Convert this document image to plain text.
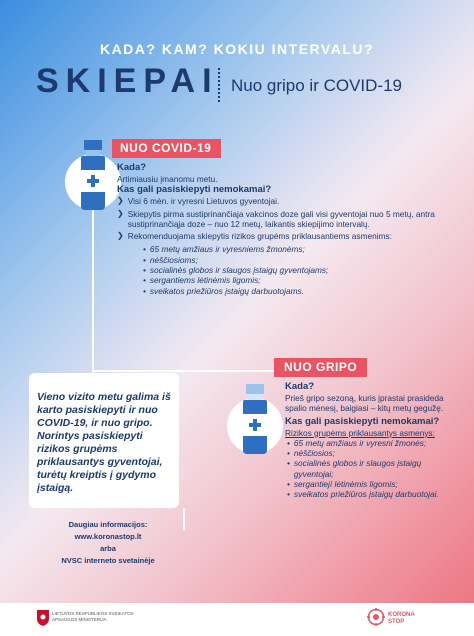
KADA? KAM? KOKIU INTERVALU?
SKIEPAI Nuo gripo ir COVID-19
NUO COVID-19
Kada?
Artimiausiu įmanomu metu.
Kas gali pasiskiepyti nemokamai?
❯ Visi 6 mėn. ir vyresni Lietuvos gyventojai.
❯ Skiepytis pirma sustiprinančiaja vakcinos doze gali visi gyventojai nuo 5 metų, antra sustiprinančiąja doze – nuo 12 metų, laikantis skiepijimo intervalų.
❯ Rekomenduojama skiepytis rizikos grupėms priklausantiems asmenims:
• 65 metų amžiaus ir vyresniems žmonėms;
• nėščiosioms;
• socialinės globos ir slaugos įstaigų gyventojams;
• sergantiems lėtinėmis ligomis;
• sveikatos priežiūros įstaigų darbuotojams.
Vieno vizito metu galima iš karto pasiskiepyti ir nuo COVID-19, ir nuo gripo. Norintys pasiskiepyti rizikos grupėms priklausantys gyventojai, turėtų kreiptis į gydymo įstaigą.
NUO GRIPO
Kada?
Prieš gripo sezoną, kuris įprastai prasideda spalio mėnesį, baigiasi – kitų metų gegužę.
Kas gali pasiskiepyti nemokamai?
Rizikos grupėms priklausantys asmenys:
• 65 metų amžiaus ir vyresni žmonės;
• nėščiosios;
• socialinės globos ir slaugos įstaigų gyventojai;
• sergantiejí lėtinėmis ligomis;
• sveikatos priežiūros įstaigų darbuotojai.
Daugiau informacijos:
www.koronastop.lt
arba
NVSC interneto svetainėje
LIETUVOS RESPUBLIKOS SVEIKATOS APSAUGOS MINISTERIJA
KORONA
STOP
